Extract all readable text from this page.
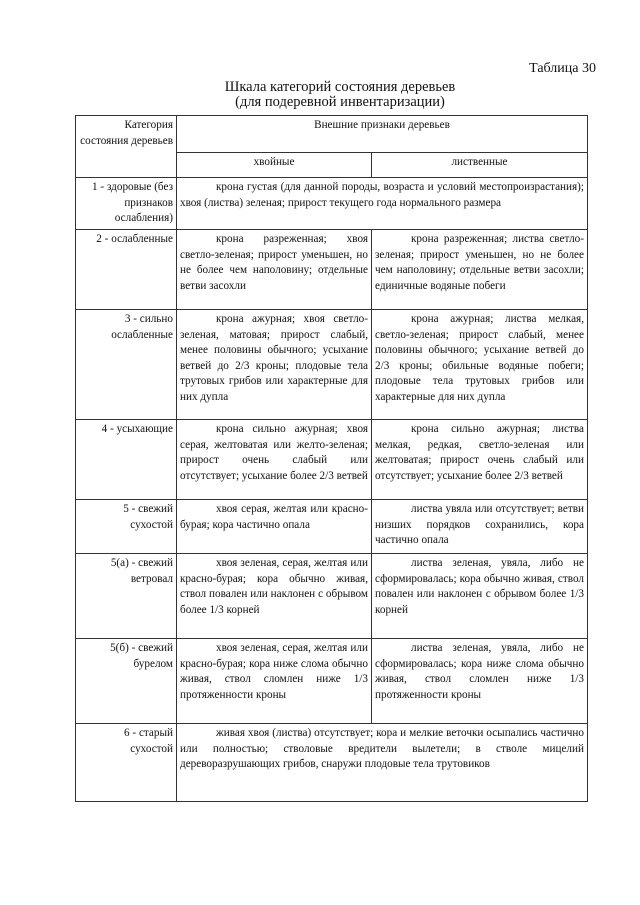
Таблица 30
Шкала категорий состояния деревьев
(для подеревной инвентаризации)
Категория состояния деревьев	Внешние признаки деревьев	
	хвойные	лиственные
1 - здоровые (без признаков ослабления)	крона густая (для данной породы, возраста и условий местопроизрастания); хвоя (листва) зеленая; прирост текущего года нормального размера	
2 - ослабленные	крона разреженная; хвоя светло-зеленая; прирост уменьшен, но не более чем наполовину; отдельные ветви засохли	крона разреженная; листва светло-зеленая; прирост уменьшен, но не более чем наполовину; отдельные ветви засохли; единичные водяные побеги
3 - сильно ослабленные	крона ажурная; хвоя светло-зеленая, матовая; прирост слабый, менее половины обычного; усыхание ветвей до 2/3 кроны; плодовые тела трутовых грибов или характерные для них дупла	крона ажурная; листва мелкая, светло-зеленая; прирост слабый, менее половины обычного; усыхание ветвей до 2/3 кроны; обильные водяные побеги; плодовые тела трутовых грибов или характерные для них дупла
4 - усыхающие	крона сильно ажурная; хвоя серая, желтоватая или желто-зеленая; прирост очень слабый или отсутствует; усыхание более 2/3 ветвей	крона сильно ажурная; листва мелкая, редкая, светло-зеленая или желтоватая; прирост очень слабый или отсутствует; усыхание более 2/3 ветвей
5 - свежий сухостой	хвоя серая, желтая или красно-бурая; кора частично опала	листва увяла или отсутствует; ветви низших порядков сохранились, кора частично опала
5(а) - свежий ветровал	хвоя зеленая, серая, желтая или красно-бурая; кора обычно живая, ствол повален или наклонен с обрывом более 1/3 корней	листва зеленая, увяла, либо не сформировалась; кора обычно живая, ствол повален или наклонен с обрывом более 1/3 корней
5(б) - свежий бурелом	хвоя зеленая, серая, желтая или красно-бурая; кора ниже слома обычно живая, ствол сломлен ниже 1/3 протяженности кроны	листва зеленая, увяла, либо не сформировалась; кора ниже слома обычно живая, ствол сломлен ниже 1/3 протяженности кроны
6 - старый сухостой	живая хвоя (листва) отсутствует; кора и мелкие веточки осыпались частично или полностью; стволовые вредители вылетели; в стволе мицелий дереворазрушающих грибов, снаружи плодовые тела трутовиков	
